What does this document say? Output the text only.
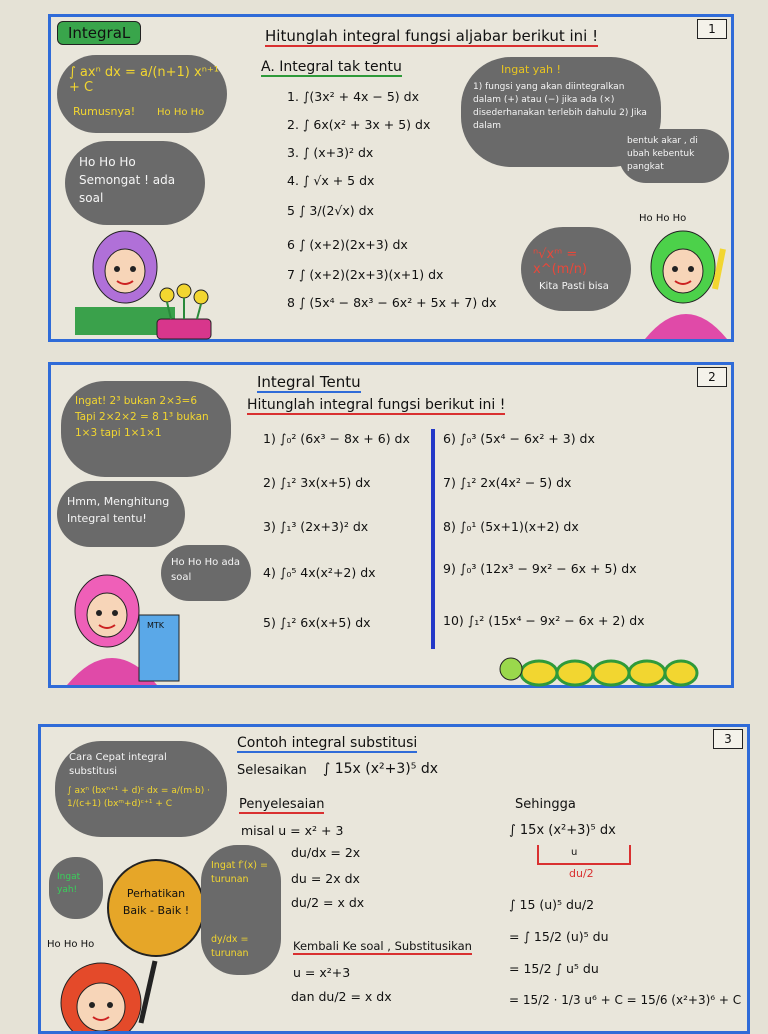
1
IntegraL	Hitunglah integral fungsi aljabar berikut ini !
A. Integral tak tentu
∫ axⁿ dx = a/(n+1) xⁿ⁺¹ + C
Rumusnya! Ho Ho Ho
Ho Ho Ho Semongat ! ada soal
1. ∫(3x² + 4x − 5) dx
2. ∫ 6x(x² + 3x + 5) dx
3. ∫ (x+3)² dx
4. ∫ √x + 5 dx
5 ∫ 3/(2√x) dx
6 ∫ (x+2)(2x+3) dx
7 ∫ (x+2)(2x+3)(x+1) dx
8 ∫ (5x⁴ − 8x³ − 6x² + 5x + 7) dx
Ingat yah !
1) fungsi yang akan diintegralkan dalam (+) atau (−) jika ada (×) disederhanakan terlebih dahulu 2) Jika dalam
bentuk akar , di ubah kebentuk pangkat
ⁿ√xᵐ = x^(m/n)
Kita Pasti bisa
Ho Ho Ho
2
Integral Tentu
Hitunglah integral fungsi berikut ini !
Ingat! 2³ bukan 2×3=6 Tapi 2×2×2 = 8 1³ bukan 1×3 tapi 1×1×1
Hmm, Menghitung Integral tentu!
Ho Ho Ho ada soal
MTK
1) ∫₀² (6x³ − 8x + 6) dx
2) ∫₁² 3x(x+5) dx
3) ∫₁³ (2x+3)² dx
4) ∫₀⁵ 4x(x²+2) dx
5) ∫₁² 6x(x+5) dx
6) ∫₀³ (5x⁴ − 6x² + 3) dx
7) ∫₁² 2x(4x² − 5) dx
8) ∫₀¹ (5x+1)(x+2) dx
9) ∫₀³ (12x³ − 9x² − 6x + 5) dx
10) ∫₁² (15x⁴ − 9x² − 6x + 2) dx
3
Contoh integral substitusi
Selesaikan ∫ 15x (x²+3)⁵ dx
Penyelesaian
misal u = x² + 3
du/dx = 2x
du = 2x dx
du/2 = x dx
Kembali Ke soal , Substitusikan
u = x²+3
dan du/2 = x dx
Sehingga
∫ 15x (x²+3)⁵ dx
u
du/2
∫ 15 (u)⁵ du/2
= ∫ 15/2 (u)⁵ du
= 15/2 ∫ u⁵ du
= 15/2 · 1/3 u⁶ + C = 15/6 (x²+3)⁶ + C
Cara Cepat integral substitusi
∫ axⁿ (bxⁿ⁺¹ + d)ᶜ dx = a/(m·b) · 1/(c+1) (bxᵐ+d)ᶜ⁺¹ + C
Ingat yah!	Perhatikan Baik - Baik !
Ingat f′(x) = turunan
dy/dx = turunan
Ho Ho Ho
